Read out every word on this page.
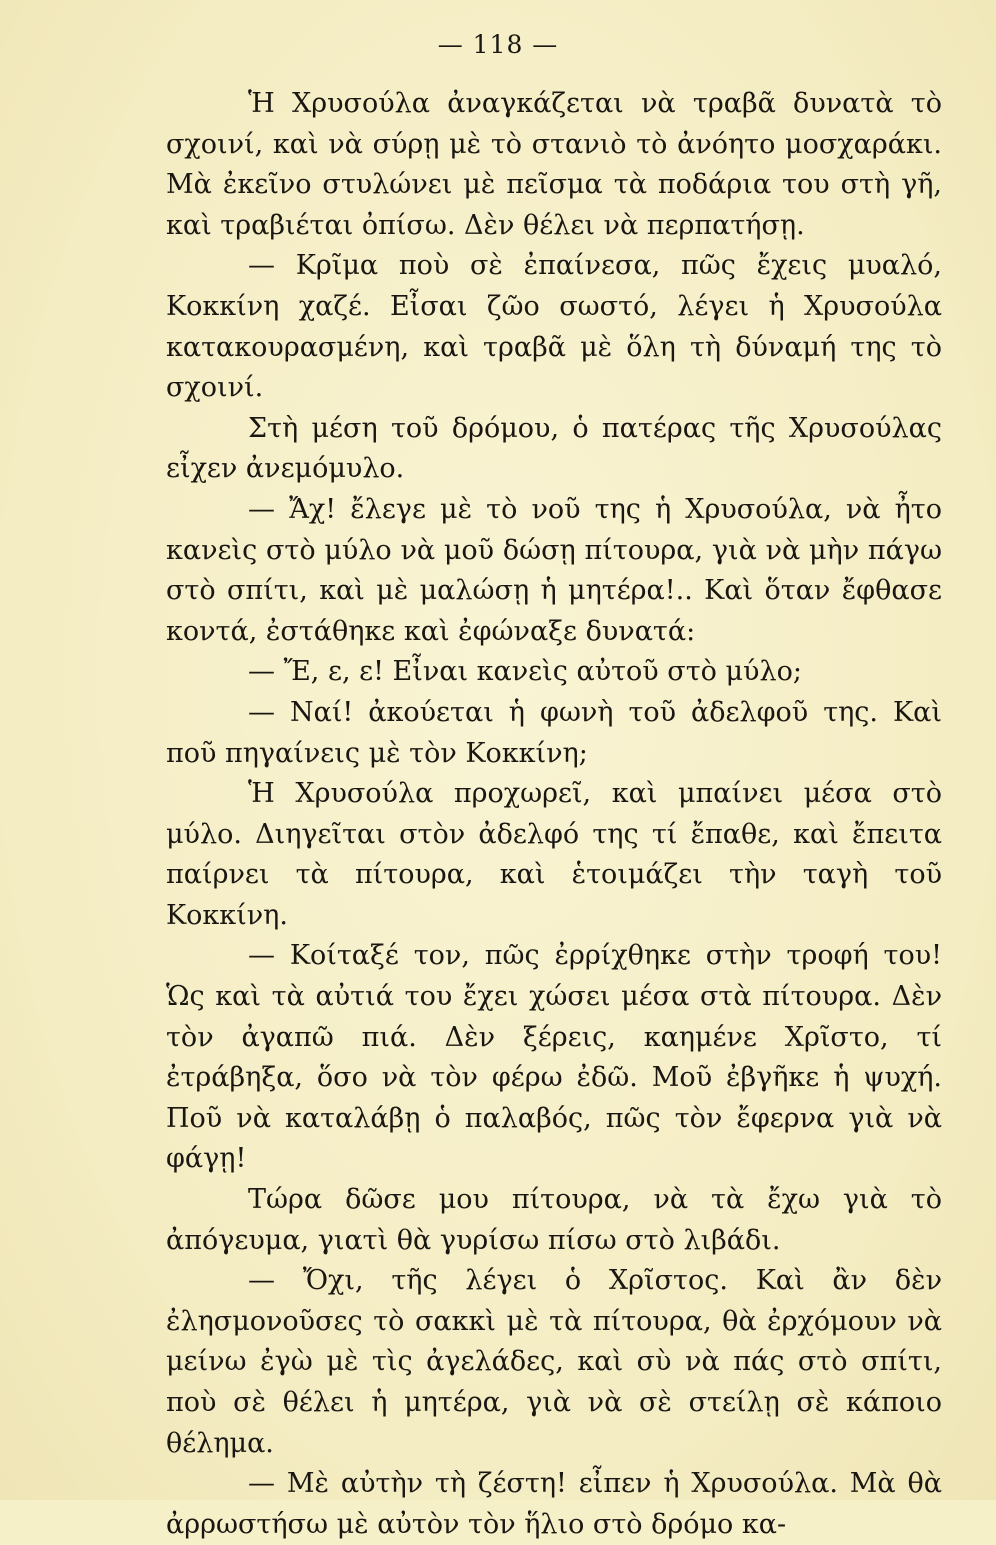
— 118 —

Ἡ Χρυσούλα ἀναγκάζεται νὰ τραβᾶ δυνατὰ τὸ σχοινί, καὶ νὰ σύρῃ μὲ τὸ στανιὸ τὸ ἀνόητο μοσχαράκι. Μὰ ἐκεῖνο στυλώνει μὲ πεῖσμα τὰ ποδάρια του στὴ γῆ, καὶ τραβιέται ὀπίσω. Δὲν θέλει νὰ περπατήσῃ.

— Κρῖμα ποὺ σὲ ἐπαίνεσα, πῶς ἔχεις μυαλό, Κοκκίνη χαζέ. Εἶσαι ζῶο σωστό, λέγει ἡ Χρυσούλα κατακουρασμένη, καὶ τραβᾶ μὲ ὅλη τὴ δύναμή της τὸ σχοινί.

Στὴ μέση τοῦ δρόμου, ὁ πατέρας τῆς Χρυσούλας εἶχεν ἀνεμόμυλο.

— Ἄχ! ἔλεγε μὲ τὸ νοῦ της ἡ Χρυσούλα, νὰ ἦτο κανεὶς στὸ μύλο νὰ μοῦ δώσῃ πίτουρα, γιὰ νὰ μὴν πάγω στὸ σπίτι, καὶ μὲ μαλώσῃ ἡ μητέρα!.. Καὶ ὅταν ἔφθασε κοντά, ἐστάθηκε καὶ ἐφώναξε δυνατά:

— Ἔ, ε, ε! Εἶναι κανεὶς αὐτοῦ στὸ μύλο;

— Ναί! ἀκούεται ἡ φωνὴ τοῦ ἀδελφοῦ της. Καὶ ποῦ πηγαίνεις μὲ τὸν Κοκκίνη;

Ἡ Χρυσούλα προχωρεῖ, καὶ μπαίνει μέσα στὸ μύλο. Διηγεῖται στὸν ἀδελφό της τί ἔπαθε, καὶ ἔπειτα παίρνει τὰ πίτουρα, καὶ ἑτοιμάζει τὴν ταγὴ τοῦ Κοκκίνη.

— Κοίταξέ τον, πῶς ἐρρίχθηκε στὴν τροφή του! Ὡς καὶ τὰ αὐτιά του ἔχει χώσει μέσα στὰ πίτουρα. Δὲν τὸν ἀγαπῶ πιά. Δὲν ξέρεις, καημένε Χρῖστο, τί ἐτράβηξα, ὅσο νὰ τὸν φέρω ἐδῶ. Μοῦ ἐβγῆκε ἡ ψυχή. Ποῦ νὰ καταλάβῃ ὁ παλαβός, πῶς τὸν ἔφερνα γιὰ νὰ φάγῃ!

Τώρα δῶσε μου πίτουρα, νὰ τὰ ἔχω γιὰ τὸ ἀπόγευμα, γιατὶ θὰ γυρίσω πίσω στὸ λιβάδι.

— Ὄχι, τῆς λέγει ὁ Χρῖστος. Καὶ ἂν δὲν ἐλησμονοῦσες τὸ σακκὶ μὲ τὰ πίτουρα, θὰ ἐρχόμουν νὰ μείνω ἐγὼ μὲ τὶς ἀγελάδες, καὶ σὺ νὰ πάς στὸ σπίτι, ποὺ σὲ θέλει ἡ μητέρα, γιὰ νὰ σὲ στείλῃ σὲ κάποιο θέλημα.

— Μὲ αὐτὴν τὴ ζέστη! εἶπεν ἡ Χρυσούλα. Μὰ θὰ ἀρρωστήσω μὲ αὐτὸν τὸν ἥλιο στὸ δρόμο κα-
